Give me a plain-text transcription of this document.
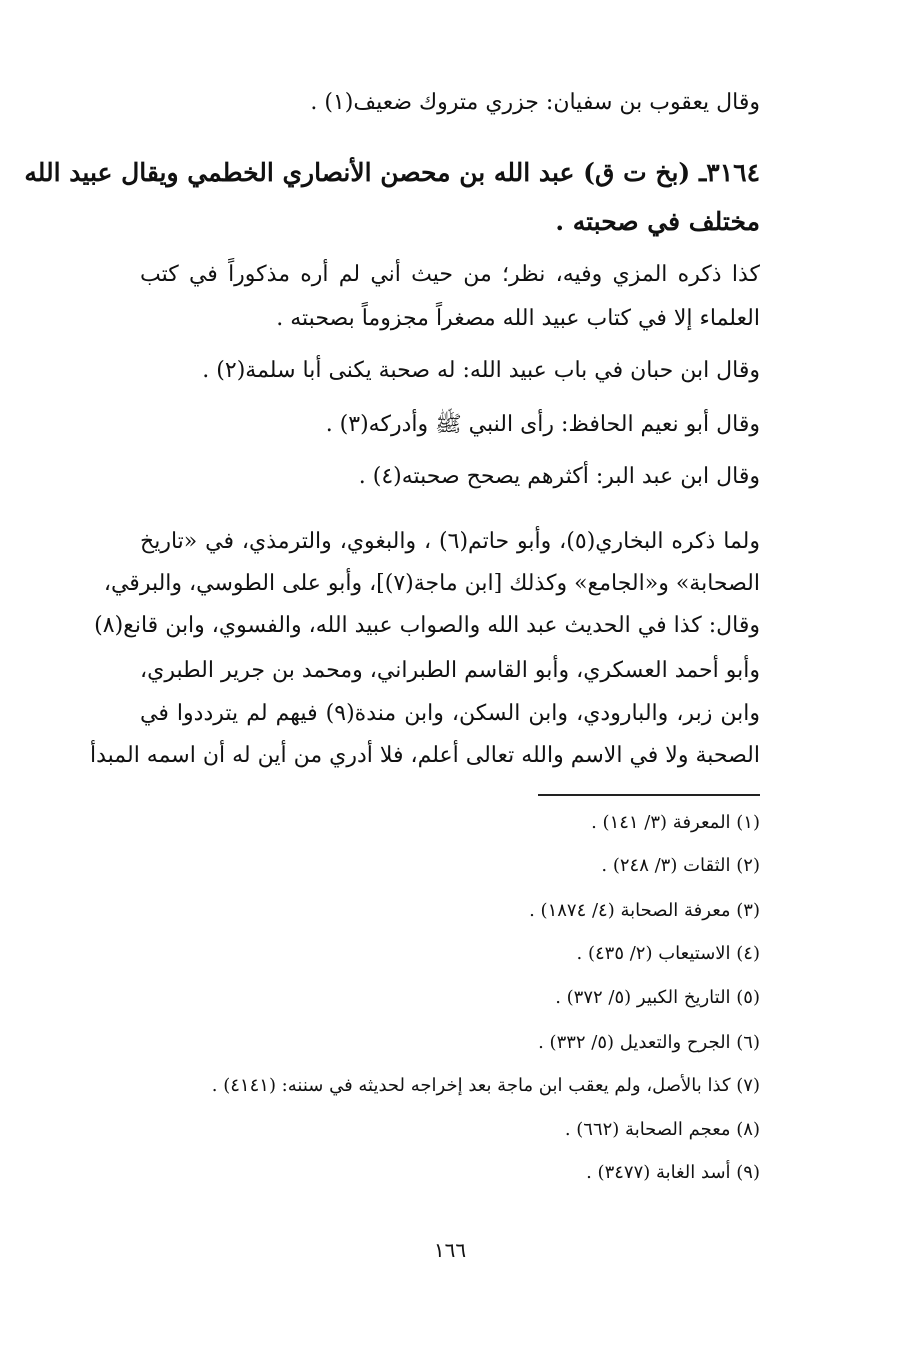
وقال يعقوب بن سفيان: جزري متروك ضعيف(١) .
٣١٦٤ـ (بخ ت ق) عبد الله بن محصن الأنصاري الخطمي ويقال عبيد الله
مختلف في صحبته .
كذا ذكره المزي وفيه، نظر؛ من حيث أني لم أره مذكوراً في كتب
العلماء إلا في كتاب عبيد الله مصغراً مجزوماً بصحبته .
وقال ابن حبان في باب عبيد الله: له صحبة يكنى أبا سلمة(٢) .
وقال أبو نعيم الحافظ: رأى النبي ﷺ وأدركه(٣) .
وقال ابن عبد البر: أكثرهم يصحح صحبته(٤) .
ولما ذكره البخاري(٥)، وأبو حاتم(٦) ، والبغوي، والترمذي، في «تاريخ
الصحابة» و«الجامع» وكذلك [ابن ماجة(٧)]، وأبو على الطوسي، والبرقي،
وقال: كذا في الحديث عبد الله والصواب عبيد الله، والفسوي، وابن قانع(٨)
وأبو أحمد العسكري، وأبو القاسم الطبراني، ومحمد بن جرير الطبري،
وابن زبر، والبارودي، وابن السكن، وابن مندة(٩) فيهم لم يترددوا في
الصحبة ولا في الاسم والله تعالى أعلم، فلا أدري من أين له أن اسمه المبدأ
(١) المعرفة (٣/ ١٤١) .
(٢) الثقات (٣/ ٢٤٨) .
(٣) معرفة الصحابة (٤/ ١٨٧٤) .
(٤) الاستيعاب (٢/ ٤٣٥) .
(٥) التاريخ الكبير (٥/ ٣٧٢) .
(٦) الجرح والتعديل (٥/ ٣٣٢) .
(٧) كذا بالأصل، ولم يعقب ابن ماجة بعد إخراجه لحديثه في سننه: (٤١٤١) .
(٨) معجم الصحابة (٦٦٢) .
(٩) أسد الغابة (٣٤٧٧) .
١٦٦
